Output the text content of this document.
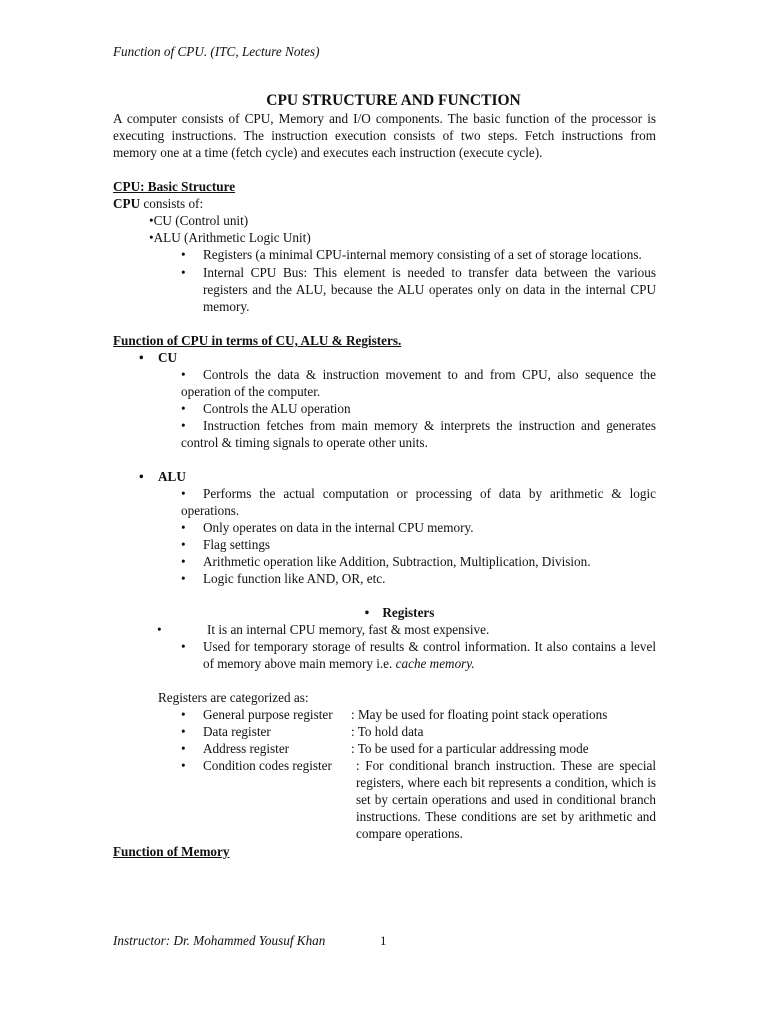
Function of CPU. (ITC, Lecture Notes)
CPU STRUCTURE AND FUNCTION

A computer consists of CPU, Memory and I/O components. The basic function of the processor is executing instructions. The instruction execution consists of two steps. Fetch instructions from memory one at a time (fetch cycle) and executes each instruction (execute cycle).

CPU: Basic Structure
CPU consists of:
•CU (Control unit)
•ALU (Arithmetic Logic Unit)
• Registers (a minimal CPU-internal memory consisting of a set of storage locations.
• Internal CPU Bus: This element is needed to transfer data between the various registers and the ALU, because the ALU operates only on data in the internal CPU memory.
Function of CPU in terms of CU, ALU & Registers.
• CU
• Controls the data & instruction movement to and from CPU, also sequence the operation of the computer.
• Controls the ALU operation
• Instruction fetches from main memory & interprets the instruction and generates control & timing signals to operate other units.
• ALU
• Performs the actual computation or processing of data by arithmetic & logic operations.
• Only operates on data in the internal CPU memory.
• Flag settings
• Arithmetic operation like Addition, Subtraction, Multiplication, Division.
• Logic function like AND, OR, etc.
• Registers
•	It is an internal CPU memory, fast & most expensive.
• Used for temporary storage of results & control information. It also contains a level of memory above main memory i.e. cache memory.
Registers are categorized as:
• General purpose register : May be used for floating point stack operations
• Data register	: To hold data
• Address register	: To be used for a particular addressing mode
• Condition codes register : For conditional branch instruction. These are special registers, where each bit represents a condition, which is set by certain operations and used in conditional branch instructions. These conditions are set by arithmetic and compare operations.
Function of Memory
Instructor: Dr. Mohammed Yousuf Khan	1
